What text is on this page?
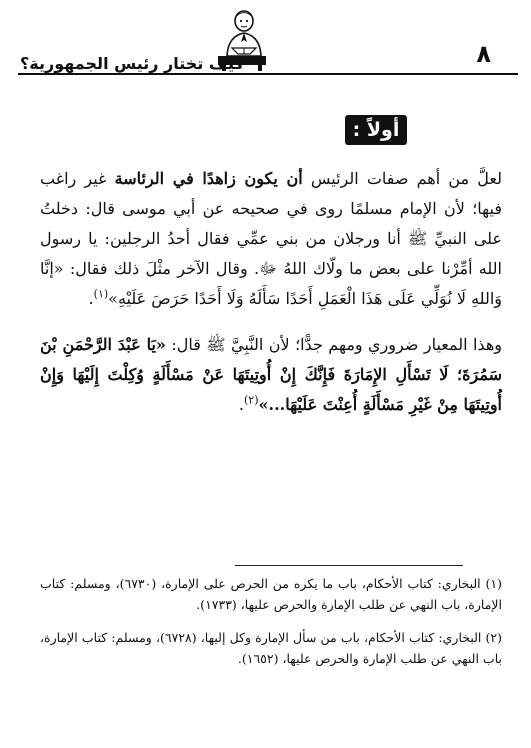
٨
كيف تختار رئيس الجمهورية؟
أولاً :

لعلَّ من أهم صفات الرئيس أن يكون زاهدًا في الرئاسة غير راغب فيها؛ لأن الإمام مسلمًا روى في صحيحه عن أبي موسى قال: دخلتُ على النبيِّ ﷺ أنا ورجلان من بني عمِّي فقال أحدُ الرجلين: يا رسول الله أمِّرْنا على بعض ما ولّاك اللهُ ﷻ. وقال الآخر مثْلَ ذلك فقال: «إنَّا وَاللهِ لَا نُوَلِّي عَلَى هَذَا الْعَمَلِ أَحَدًا سَأَلَهُ وَلَا أَحَدًا حَرَصَ عَلَيْهِ»$^{(١)}$.

وهذا المعيار ضروري ومهم جدًّا؛ لأن النَّبِيَّ ﷺ قال: «يَا عَبْدَ الرَّحْمَنِ بْنَ سَمُرَةَ؛ لَا تَسْأَلِ الإِمَارَةَ فَإِنَّكَ إِنْ أُوتِيتَهَا عَنْ مَسْأَلَةٍ وُكِلْتَ إِلَيْهَا وَإِنْ أُوتِيتَهَا مِنْ غَيْرِ مَسْأَلَةٍ أُعِنْتَ عَلَيْهَا...»$^{(٢)}$.

(١) البخاري: كتاب الأحكام، باب ما يكره من الحرص على الإمارة، (٦٧٣٠)، ومسلم: كتاب الإمارة، باب النهي عن طلب الإمارة والحرص عليها، (١٧٣٣).

(٢) البخاري: كتاب الأحكام، باب من سأل الإمارة وكل إليها، (٦٧٢٨)، ومسلم: كتاب الإمارة، باب النهي عن طلب الإمارة والحرص عليها، (١٦٥٢).
